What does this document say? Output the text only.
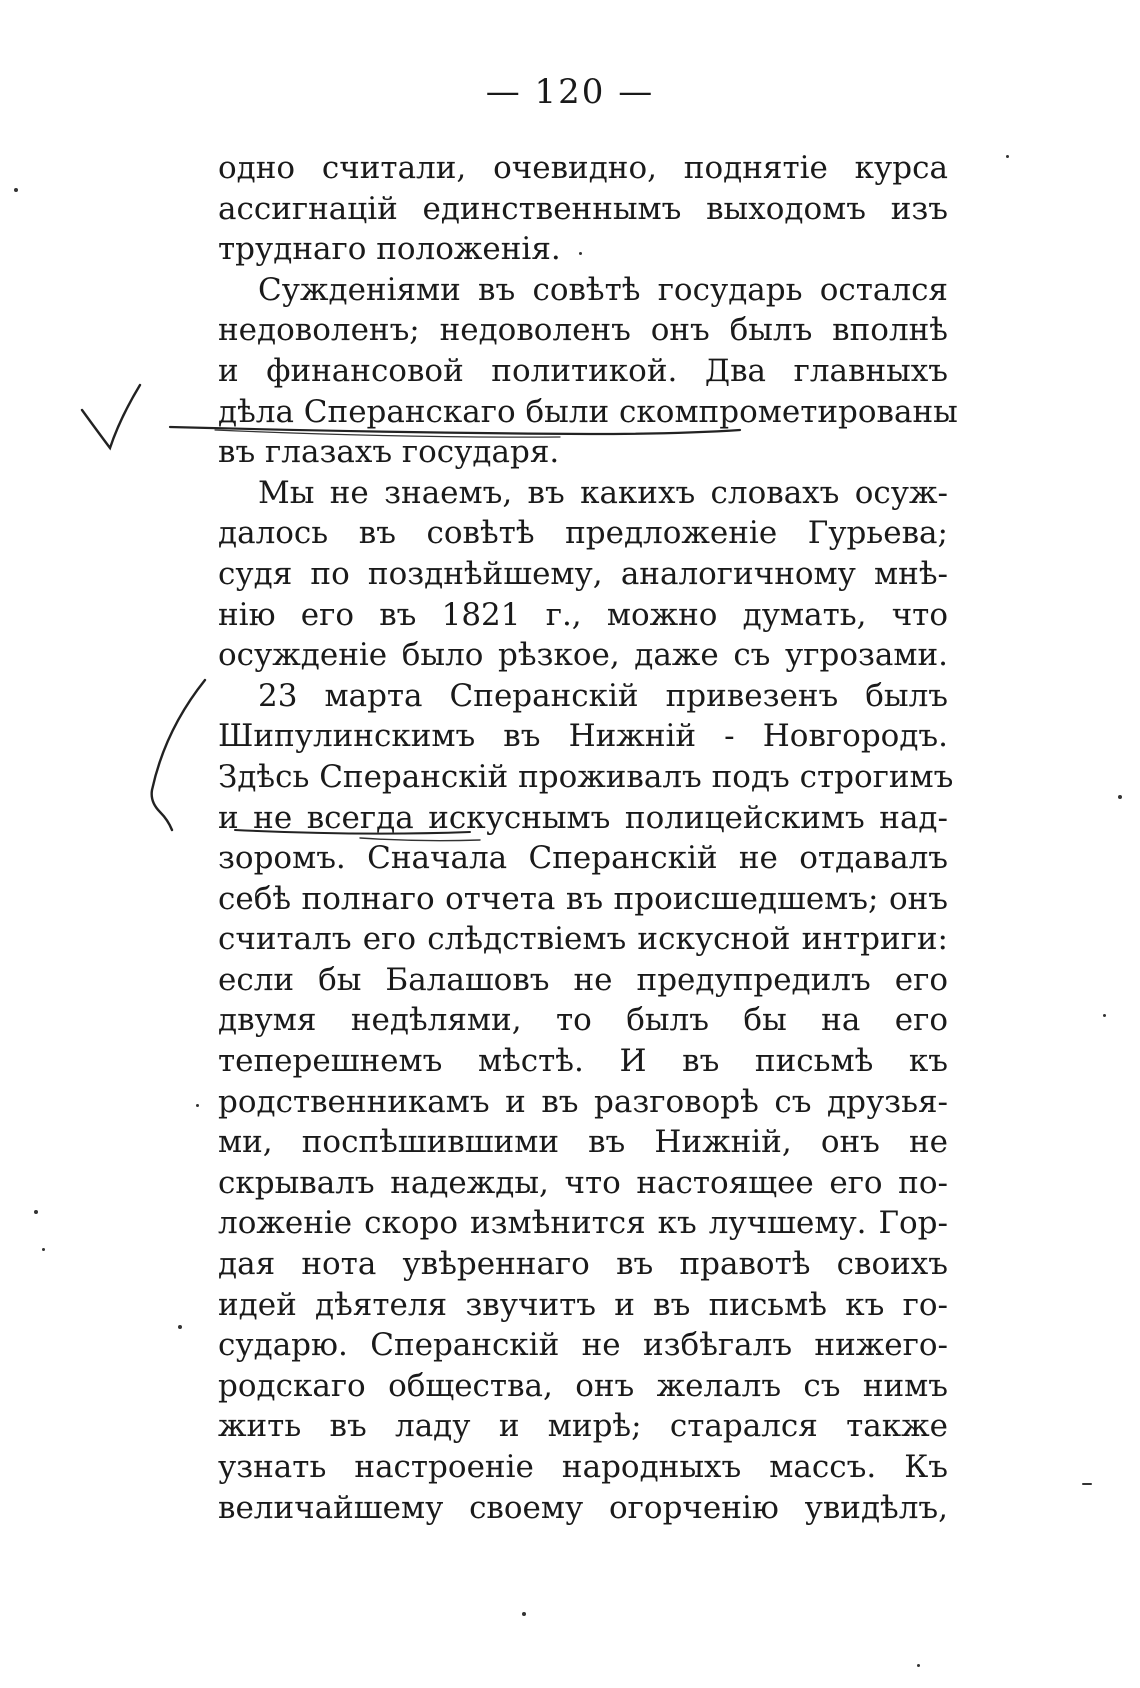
— 120 —
одно считали, очевидно, поднятіе курса
ассигнацій единственнымъ выходомъ изъ
труднаго положенія.
Сужденіями въ совѣтѣ государь остался
недоволенъ; недоволенъ онъ былъ вполнѣ
и финансовой политикой. Два главныхъ
дѣла Сперанскаго были скомпрометированы
въ глазахъ государя.
Мы не знаемъ, въ какихъ словахъ осуж-
далось въ совѣтѣ предложеніе Гурьева;
судя по позднѣйшему, аналогичному мнѣ-
нію его въ 1821 г., можно думать, что
осужденіе было рѣзкое, даже съ угрозами.
23 марта Сперанскій привезенъ былъ
Шипулинскимъ въ Нижній - Новгородъ.
Здѣсь Сперанскій проживалъ подъ строгимъ
и не всегда искуснымъ полицейскимъ над-
зоромъ. Сначала Сперанскій не отдавалъ
себѣ полнаго отчета въ происшедшемъ; онъ
считалъ его слѣдствіемъ искусной интриги:
если бы Балашовъ не предупредилъ его
двумя недѣлями, то былъ бы на его
теперешнемъ мѣстѣ. И въ письмѣ къ
родственникамъ и въ разговорѣ съ друзья-
ми, поспѣшившими въ Нижній, онъ не
скрывалъ надежды, что настоящее его по-
ложеніе скоро измѣнится къ лучшему. Гор-
дая нота увѣреннаго въ правотѣ своихъ
идей дѣятеля звучитъ и въ письмѣ къ го-
сударю. Сперанскій не избѣгалъ нижего-
родскаго общества, онъ желалъ съ нимъ
жить въ ладу и мирѣ; старался также
узнать настроеніе народныхъ массъ. Къ
величайшему своему огорченію увидѣлъ,
